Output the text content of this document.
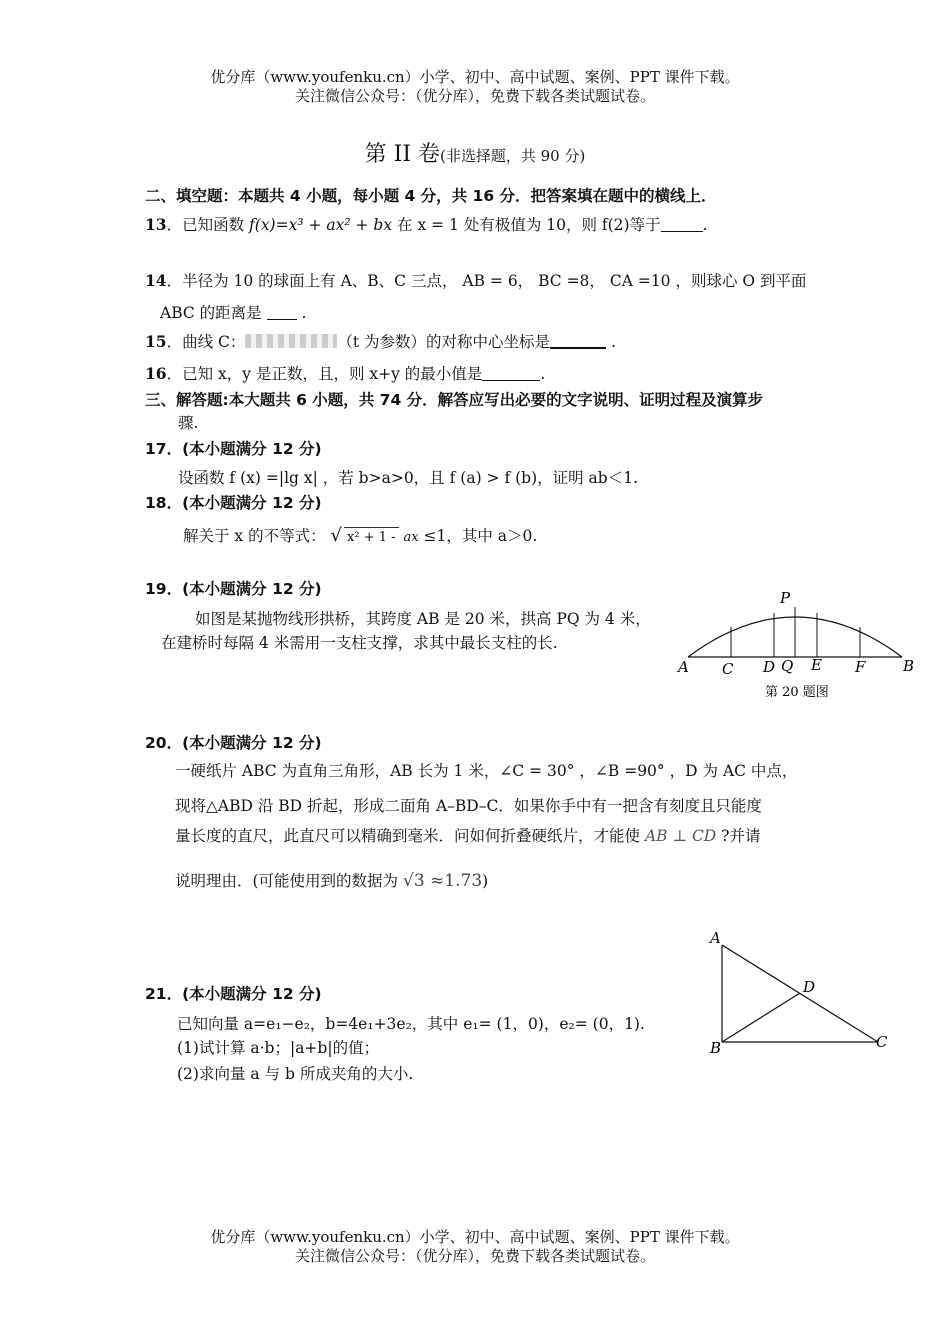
优分库（www.youfenku.cn）小学、初中、高中试题、案例、PPT 课件下载。
关注微信公众号：（优分库），免费下载各类试题试卷。
第 II 卷(非选择题，共 90 分)
二、填空题：本题共 4 小题，每小题 4 分，共 16 分．把答案填在题中的横线上．
13．已知函数 f(x)=x³ + ax² + bx 在 x = 1 处有极值为 10，则 f(2)等于	.
14．半径为 10 的球面上有 A、B、C 三点， AB = 6， BC =8， CA =10 ，则球心 O 到平面
ABC 的距离是	.
15．曲线 C：	（t 为参数）的对称中心坐标是	.
16．已知 x，y 是正数，且，则 x+y 的最小值是	.
三、解答题:本大题共 6 小题，共 74 分．解答应写出必要的文字说明、证明过程及演算步
骤.
17．(本小题满分 12 分)
设函数 f (x) =|lg x| ，若 b>a>0，且 f (a) > f (b)，证明 ab＜1.
18．(本小题满分 12 分)
解关于 x 的不等式： √ x² + 1 - ax ≤1，其中 a＞0.
19．(本小题满分 12 分)
如图是某抛物线形拱桥，其跨度 AB 是 20 米，拱高 PQ 为 4 米，
在建桥时每隔 4 米需用一支柱支撑，求其中最长支柱的长.
P
A C D Q E F	B
第 20 题图
20．(本小题满分 12 分)
一硬纸片 ABC 为直角三角形，AB 长为 1 米，∠C = 30° ，∠B =90° ，D 为 AC 中点，
现将△ABD 沿 BD 折起，形成二面角 A–BD–C．如果你手中有一把含有刻度且只能度
量长度的直尺，此直尺可以精确到毫米．问如何折叠硬纸片，才能使 AB ⊥ CD ?并请
说明理由．(可能使用到的数据为 √3 ≈1.73)
A
B	C
D
21．(本小题满分 12 分)
已知向量 a=e₁−e₂，b=4e₁+3e₂，其中 e₁= (1，0)，e₂= (0，1).
(1)试计算 a·b；|a+b|的值；
(2)求向量 a 与 b 所成夹角的大小.
优分库（www.youfenku.cn）小学、初中、高中试题、案例、PPT 课件下载。
关注微信公众号：（优分库），免费下载各类试题试卷。
